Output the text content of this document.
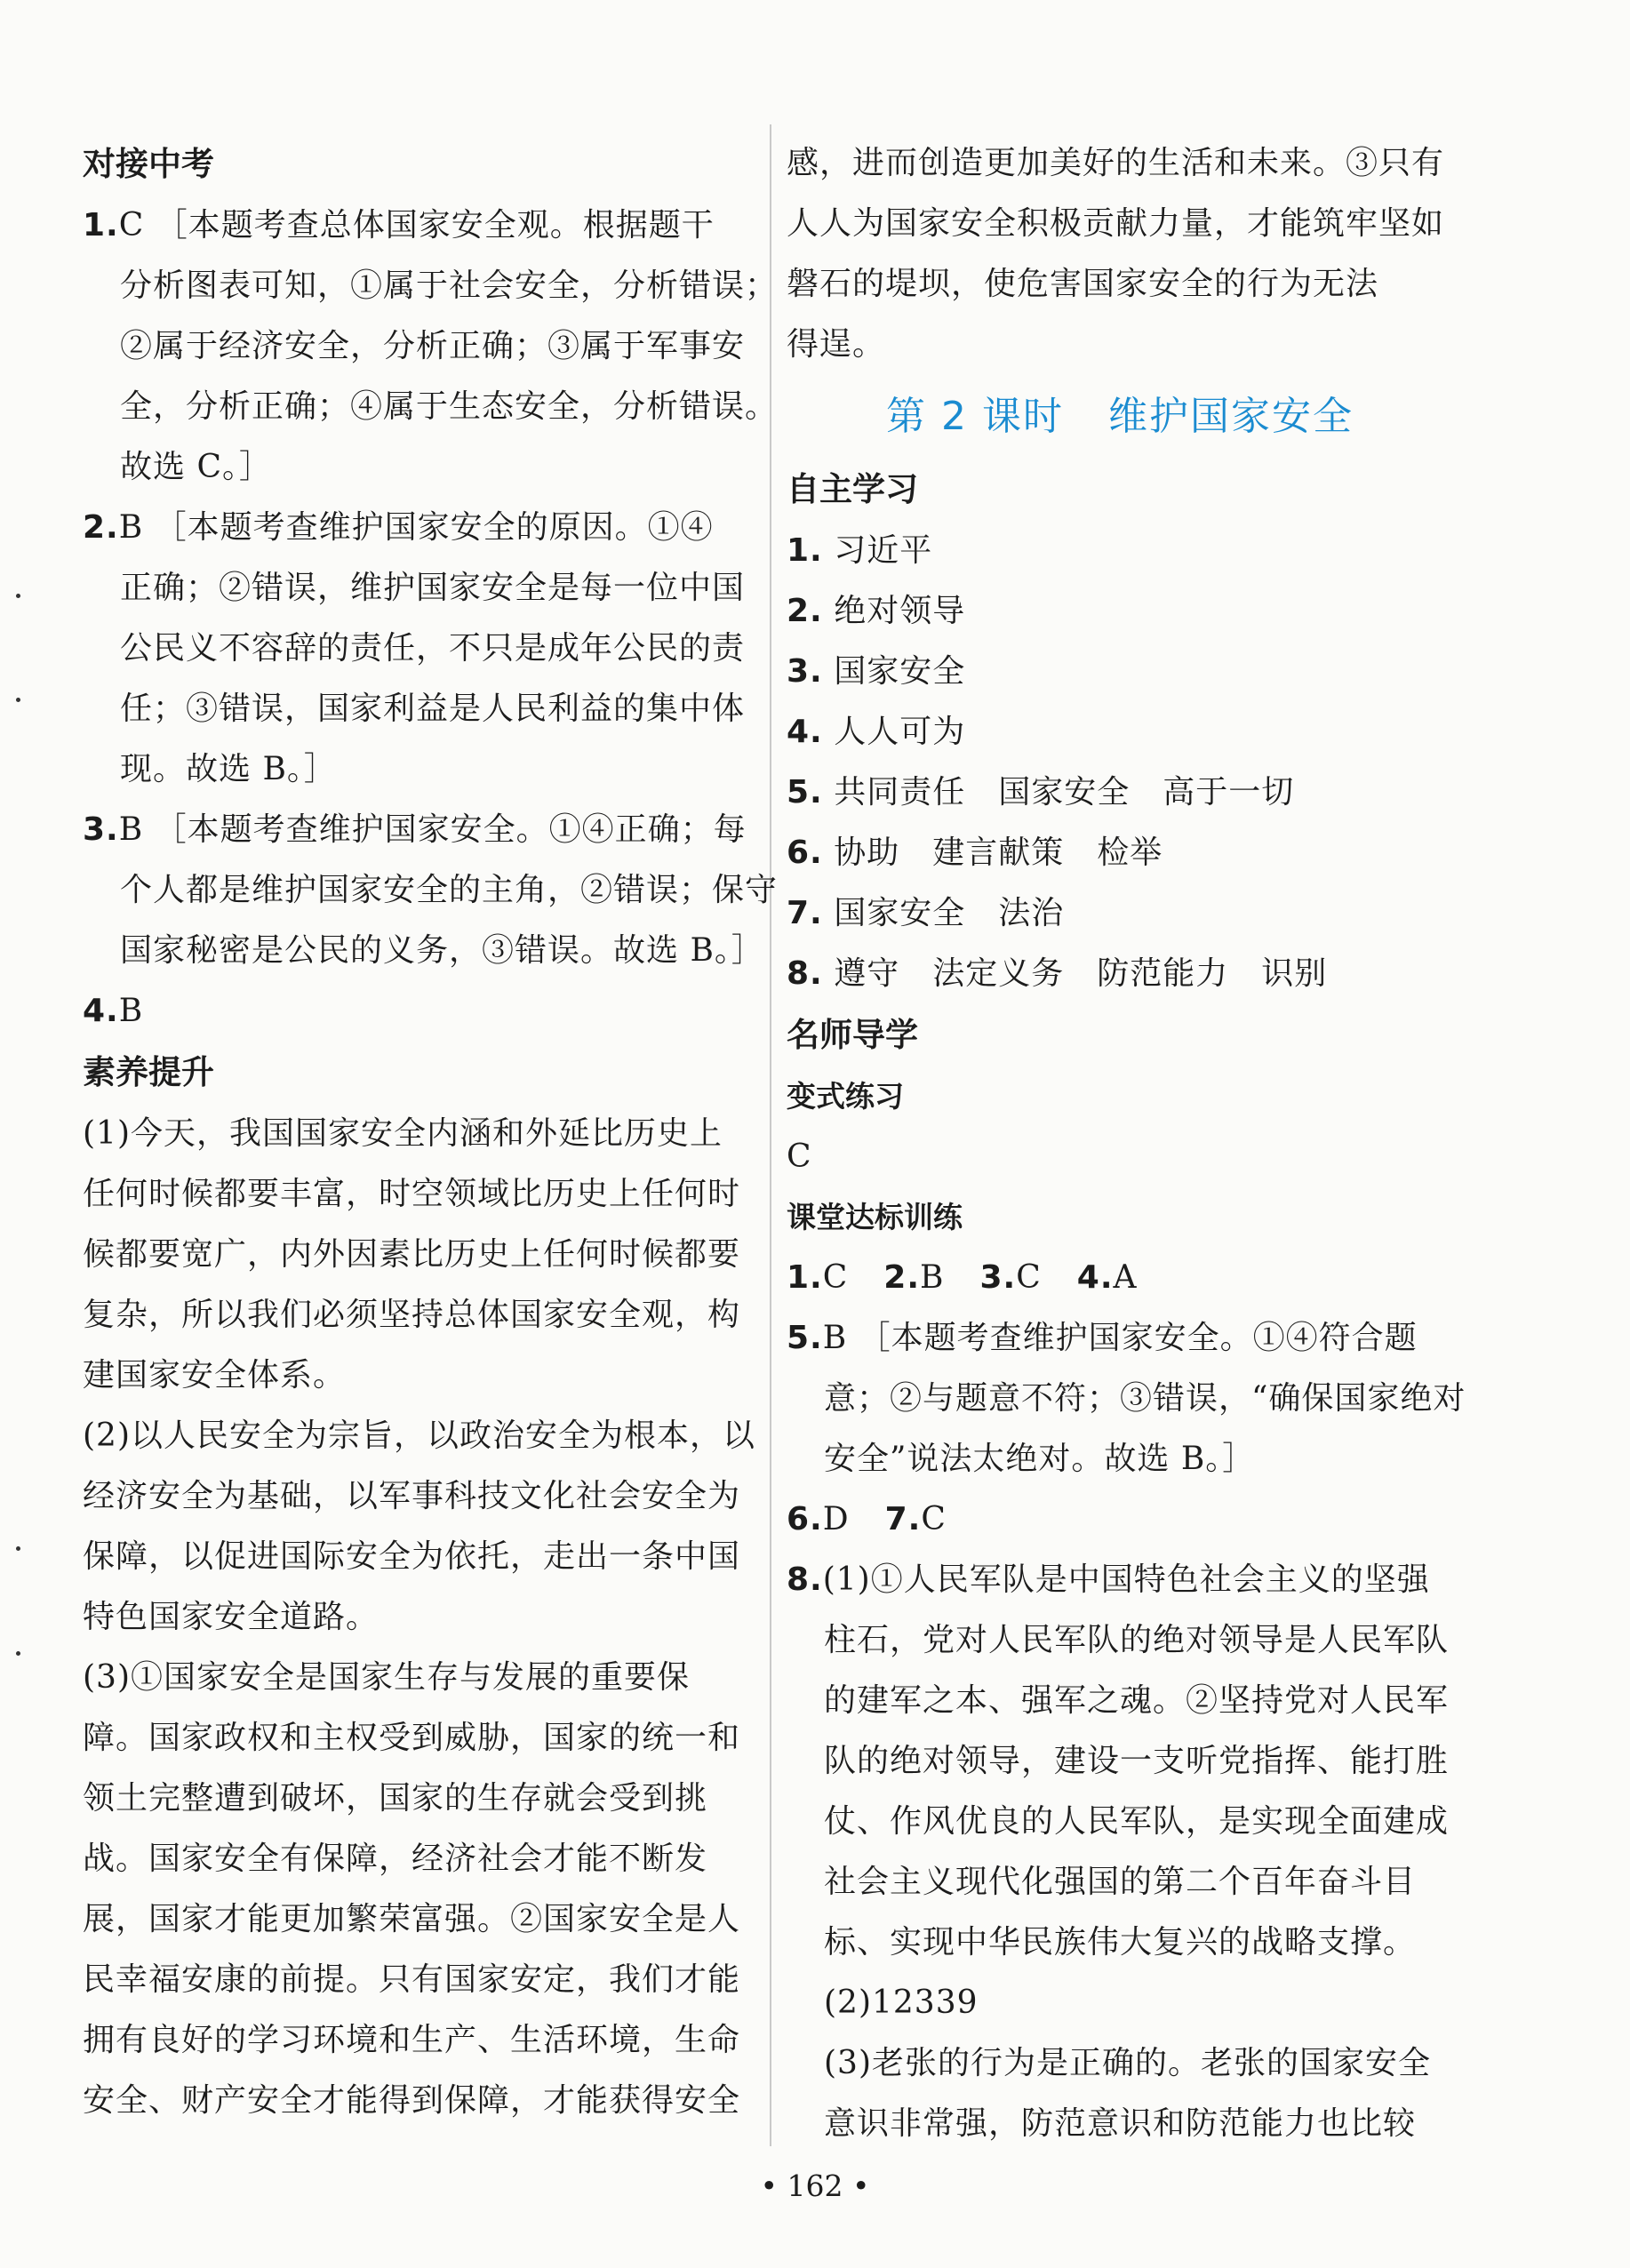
对接中考
1.C ［本题考查总体国家安全观。根据题干
分析图表可知，①属于社会安全，分析错误；
②属于经济安全，分析正确；③属于军事安
全，分析正确；④属于生态安全，分析错误。
故选 C。］
2.B ［本题考查维护国家安全的原因。①④
正确；②错误，维护国家安全是每一位中国
公民义不容辞的责任，不只是成年公民的责
任；③错误，国家利益是人民利益的集中体
现。故选 B。］
3.B ［本题考查维护国家安全。①④正确；每
个人都是维护国家安全的主角，②错误；保守
国家秘密是公民的义务，③错误。故选 B。］
4.B
素养提升
(1)今天，我国国家安全内涵和外延比历史上
任何时候都要丰富，时空领域比历史上任何时
候都要宽广，内外因素比历史上任何时候都要
复杂，所以我们必须坚持总体国家安全观，构
建国家安全体系。
(2)以人民安全为宗旨，以政治安全为根本，以
经济安全为基础，以军事科技文化社会安全为
保障，以促进国际安全为依托，走出一条中国
特色国家安全道路。
(3)①国家安全是国家生存与发展的重要保
障。国家政权和主权受到威胁，国家的统一和
领土完整遭到破坏，国家的生存就会受到挑
战。国家安全有保障，经济社会才能不断发
展，国家才能更加繁荣富强。②国家安全是人
民幸福安康的前提。只有国家安定，我们才能
拥有良好的学习环境和生产、生活环境，生命
安全、财产安全才能得到保障，才能获得安全
感，进而创造更加美好的生活和未来。③只有
人人为国家安全积极贡献力量，才能筑牢坚如
磐石的堤坝，使危害国家安全的行为无法
得逞。
第 2 课时 维护国家安全
自主学习
1. 习近平
2. 绝对领导
3. 国家安全
4. 人人可为
5. 共同责任　国家安全　高于一切
6. 协助　建言献策　检举
7. 国家安全　法治
8. 遵守　法定义务　防范能力　识别
名师导学
变式练习
C
课堂达标训练
1.C 2.B 3.C 4.A
5.B ［本题考查维护国家安全。①④符合题
意；②与题意不符；③错误，“确保国家绝对
安全”说法太绝对。故选 B。］
6.D 7.C
8.(1)①人民军队是中国特色社会主义的坚强
柱石，党对人民军队的绝对领导是人民军队
的建军之本、强军之魂。②坚持党对人民军
队的绝对领导，建设一支听党指挥、能打胜
仗、作风优良的人民军队，是实现全面建成
社会主义现代化强国的第二个百年奋斗目
标、实现中华民族伟大复兴的战略支撑。
(2)12339
(3)老张的行为是正确的。老张的国家安全
意识非常强，防范意识和防范能力也比较
• 162 •
